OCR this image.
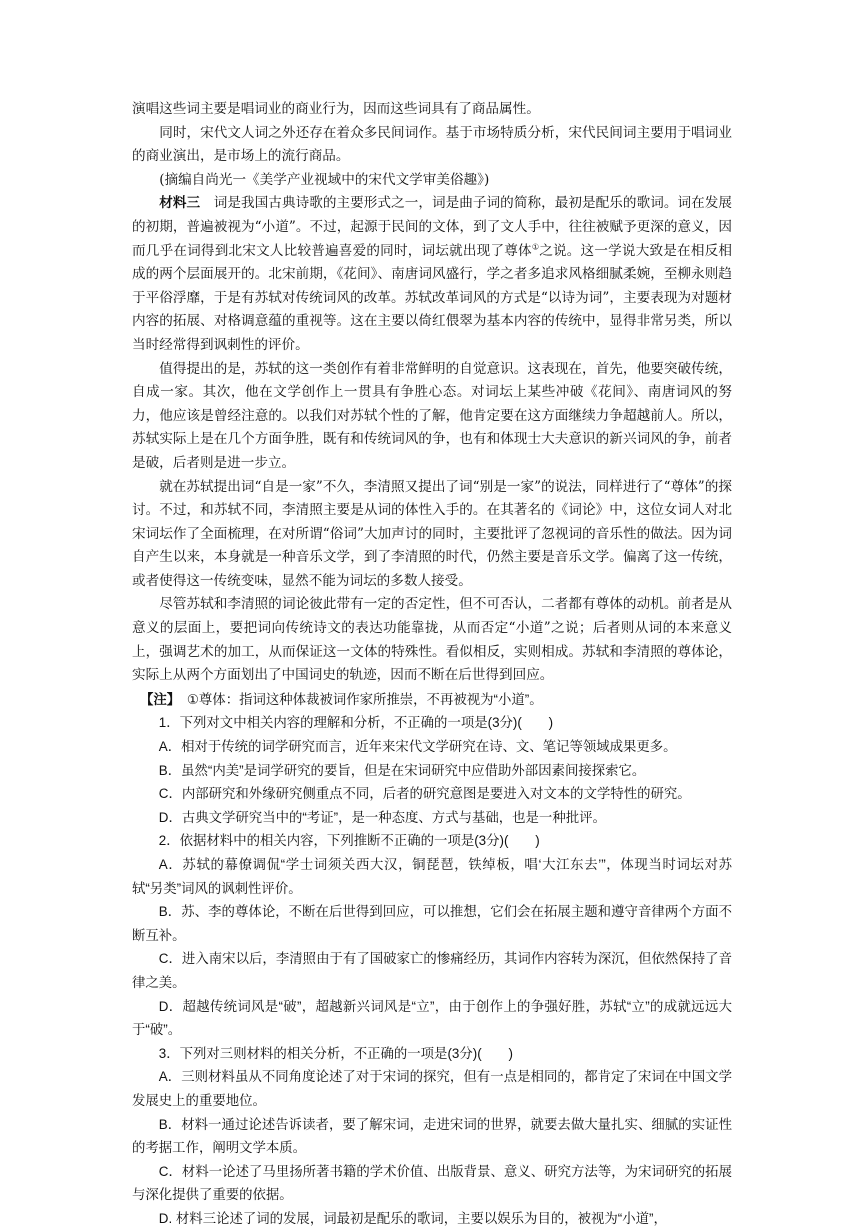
演唱这些词主要是唱词业的商业行为，因而这些词具有了商品属性。

同时，宋代文人词之外还存在着众多民间词作。基于市场特质分析，宋代民间词主要用于唱词业的商业演出，是市场上的流行商品。

(摘编自尚光一《美学产业视域中的宋代文学审美俗趣》)

材料三　词是我国古典诗歌的主要形式之一，词是曲子词的简称，最初是配乐的歌词。词在发展的初期，普遍被视为“小道”。不过，起源于民间的文体，到了文人手中，往往被赋予更深的意义，因而几乎在词得到北宋文人比较普遍喜爱的同时，词坛就出现了尊体①之说。这一学说大致是在相反相成的两个层面展开的。北宋前期，《花间》、南唐词风盛行，学之者多追求风格细腻柔婉，至柳永则趋于平俗浮靡，于是有苏轼对传统词风的改革。苏轼改革词风的方式是“以诗为词”，主要表现为对题材内容的拓展、对格调意蕴的重视等。这在主要以倚红偎翠为基本内容的传统中，显得非常另类，所以当时经常得到讽刺性的评价。

值得提出的是，苏轼的这一类创作有着非常鲜明的自觉意识。这表现在，首先，他要突破传统，自成一家。其次，他在文学创作上一贯具有争胜心态。对词坛上某些冲破《花间》、南唐词风的努力，他应该是曾经注意的。以我们对苏轼个性的了解，他肯定要在这方面继续力争超越前人。所以，苏轼实际上是在几个方面争胜，既有和传统词风的争，也有和体现士大夫意识的新兴词风的争，前者是破，后者则是进一步立。

就在苏轼提出词“自是一家”不久，李清照又提出了词“别是一家”的说法，同样进行了“尊体”的探讨。不过，和苏轼不同，李清照主要是从词的体性入手的。在其著名的《词论》中，这位女词人对北宋词坛作了全面梳理，在对所谓“俗词”大加声讨的同时，主要批评了忽视词的音乐性的做法。因为词自产生以来，本身就是一种音乐文学，到了李清照的时代，仍然主要是音乐文学。偏离了这一传统，或者使得这一传统变味，显然不能为词坛的多数人接受。

尽管苏轼和李清照的词论彼此带有一定的否定性，但不可否认，二者都有尊体的动机。前者是从意义的层面上，要把词向传统诗文的表达功能靠拢，从而否定“小道”之说；后者则从词的本来意义上，强调艺术的加工，从而保证这一文体的特殊性。看似相反，实则相成。苏轼和李清照的尊体论，实际上从两个方面划出了中国词史的轨迹，因而不断在后世得到回应。

【注】　①尊体：指词这种体裁被词作家所推崇，不再被视为“小道”。

1．下列对文中相关内容的理解和分析，不正确的一项是(3分)(　　)

A．相对于传统的词学研究而言，近年来宋代文学研究在诗、文、笔记等领域成果更多。

B．虽然“内美”是词学研究的要旨，但是在宋词研究中应借助外部因素间接探索它。

C．内部研究和外缘研究侧重点不同，后者的研究意图是要进入对文本的文学特性的研究。

D．古典文学研究当中的“考证”，是一种态度、方式与基础，也是一种批评。

2．依据材料中的相关内容，下列推断不正确的一项是(3分)(　　)

A．苏轼的幕僚调侃“学士词须关西大汉，铜琵琶，铁绰板，唱‘大江东去’”，体现当时词坛对苏轼“另类”词风的讽刺性评价。

B．苏、李的尊体论，不断在后世得到回应，可以推想，它们会在拓展主题和遵守音律两个方面不断互补。

C．进入南宋以后，李清照由于有了国破家亡的惨痛经历，其词作内容转为深沉，但依然保持了音律之美。

D．超越传统词风是“破”，超越新兴词风是“立”，由于创作上的争强好胜，苏轼“立”的成就远远大于“破”。

3．下列对三则材料的相关分析，不正确的一项是(3分)(　　)

A．三则材料虽从不同角度论述了对于宋词的探究，但有一点是相同的，都肯定了宋词在中国文学发展史上的重要地位。

B．材料一通过论述告诉读者，要了解宋词，走进宋词的世界，就要去做大量扎实、细腻的实证性的考据工作，阐明文学本质。

C．材料一论述了马里扬所著书籍的学术价值、出版背景、意义、研究方法等，为宋词研究的拓展与深化提供了重要的依据。

D. 材料三论述了词的发展，词最初是配乐的歌词，主要以娱乐为目的，被视为“小道”，
